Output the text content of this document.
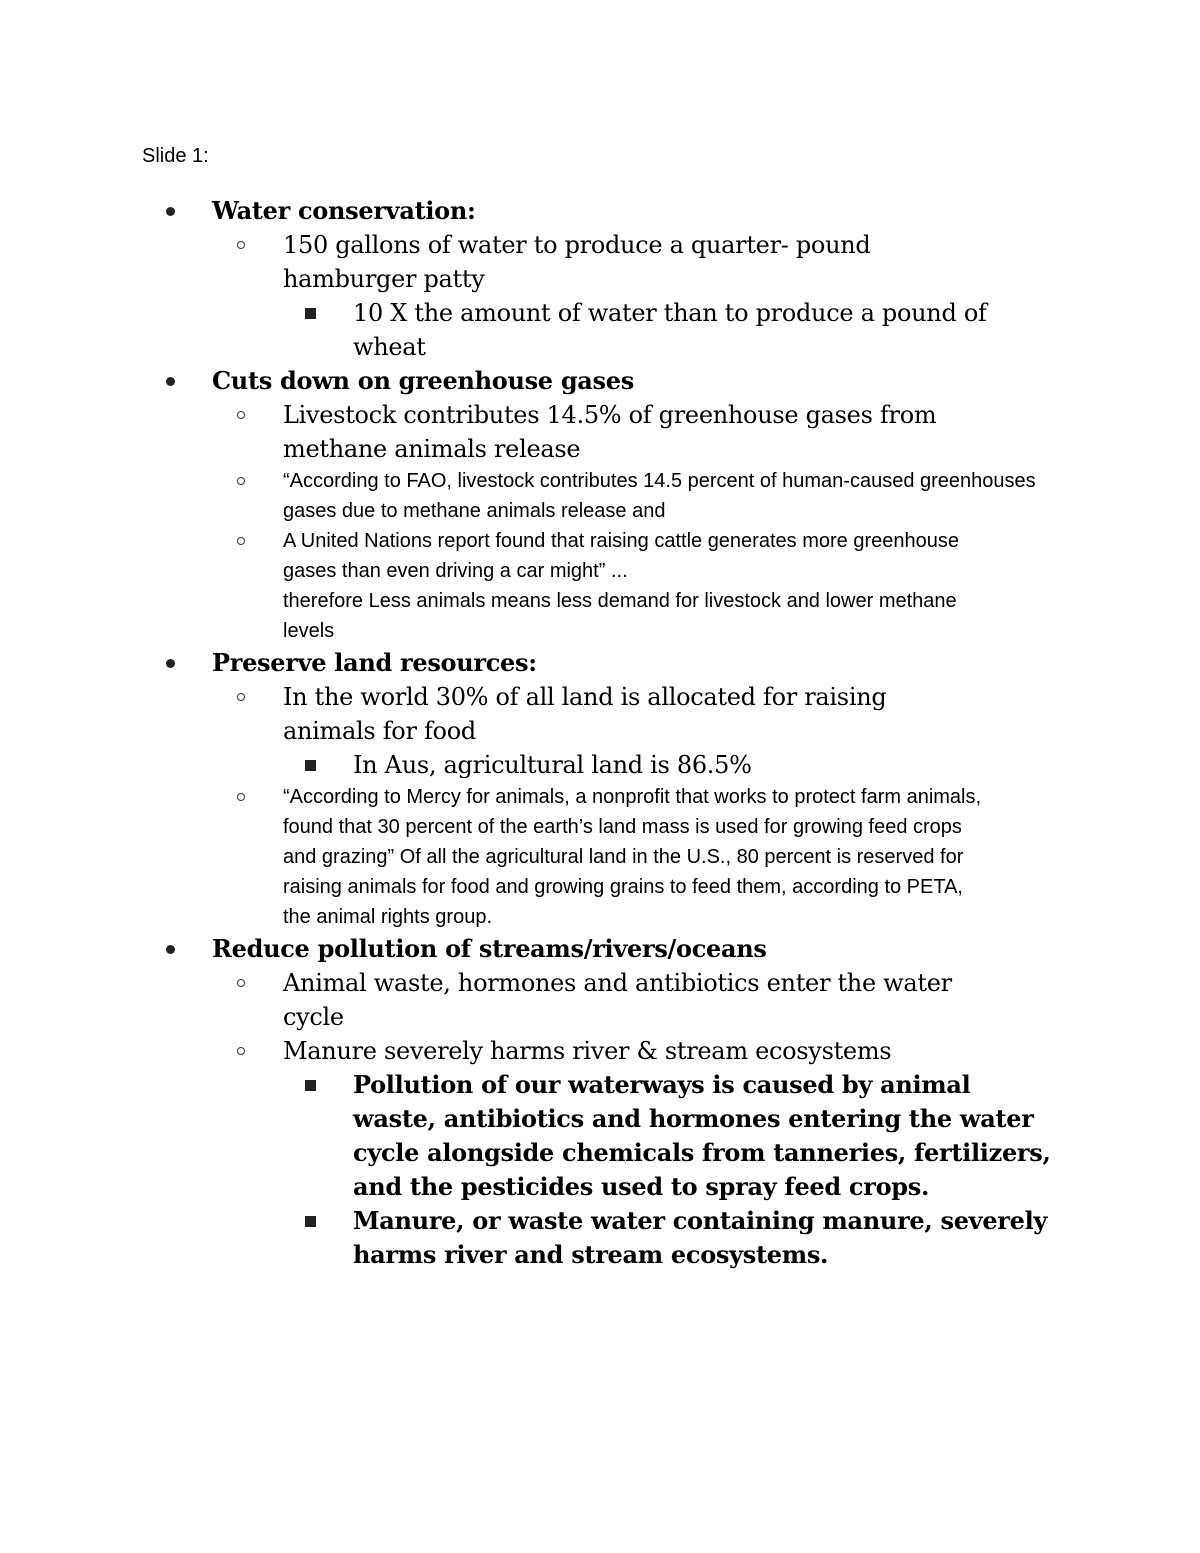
Slide 1:
Water conservation:
150 gallons of water to produce a quarter- pound hamburger patty
10 X the amount of water than to produce a pound of wheat
Cuts down on greenhouse gases
Livestock contributes 14.5% of greenhouse gases from methane animals release
“According to FAO, livestock contributes 14.5 percent of human-caused greenhouses gases due to methane animals release and
A United Nations report found that raising cattle generates more greenhouse gases than even driving a car might” ...
therefore Less animals means less demand for livestock and lower methane levels
Preserve land resources:
In the world 30% of all land is allocated for raising animals for food
In Aus, agricultural land is 86.5%
“According to Mercy for animals, a nonprofit that works to protect farm animals, found that 30 percent of the earth’s land mass is used for growing feed crops and grazing” Of all the agricultural land in the U.S., 80 percent is reserved for raising animals for food and growing grains to feed them, according to PETA, the animal rights group.
Reduce pollution of streams/rivers/oceans
Animal waste, hormones and antibiotics enter the water cycle
Manure severely harms river & stream ecosystems
Pollution of our waterways is caused by animal waste, antibiotics and hormones entering the water cycle alongside chemicals from tanneries, fertilizers, and the pesticides used to spray feed crops.
Manure, or waste water containing manure, severely harms river and stream ecosystems.
